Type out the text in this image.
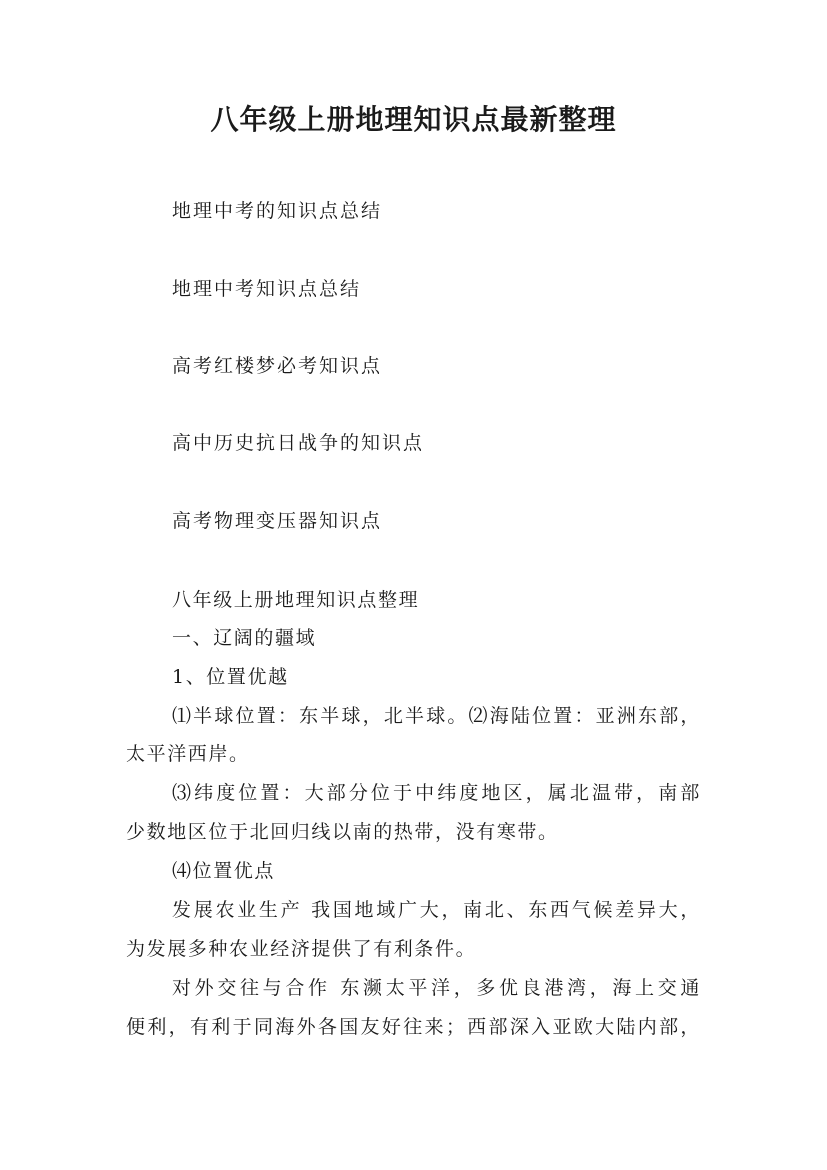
八年级上册地理知识点最新整理
地理中考的知识点总结
地理中考知识点总结
高考红楼梦必考知识点
高中历史抗日战争的知识点
高考物理变压器知识点
八年级上册地理知识点整理
一、辽阔的疆域
1、位置优越
⑴半球位置：东半球，北半球。⑵海陆位置：亚洲东部，
太平洋西岸。
⑶纬度位置：大部分位于中纬度地区，属北温带，南部
少数地区位于北回归线以南的热带，没有寒带。
⑷位置优点
发展农业生产 我国地域广大，南北、东西气候差异大，
为发展多种农业经济提供了有利条件。
对外交往与合作 东濒太平洋，多优良港湾，海上交通
便利，有利于同海外各国友好往来；西部深入亚欧大陆内部，
